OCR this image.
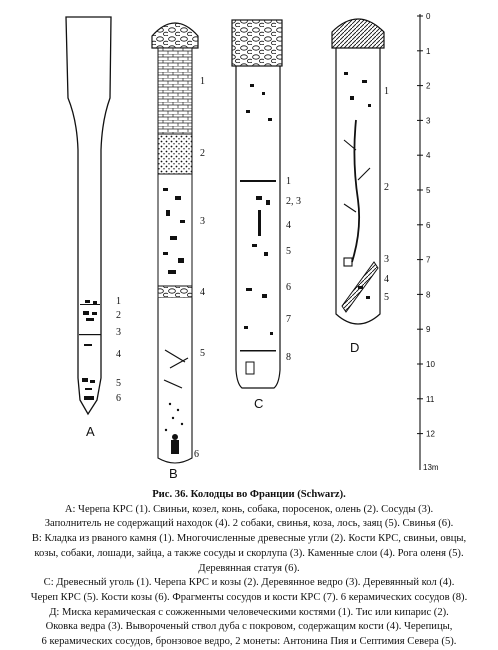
1
2
3
4
5
6
A
1
2
3
4
5
6
B
1
2, 3
4
5
6
7
8
C
1
2
3
4
5
D
0
1
2
3
4
5
6
7
8
9
10
11
12
13m

Рис. 36. Колодцы во Франции (Schwarz).

А: Черепа КРС (1). Свиньи, козел, конь, собака, поросенок, олень (2). Сосуды (3).

Заполнитель не содержащий находок (4). 2 собаки, свинья, коза, лось, заяц (5). Свинья (6).

В: Кладка из рваного камня (1). Многочисленные древесные угли (2). Кости КРС, свиньи, овцы,

козы, собаки, лошади, зайца, а также сосуды и скорлупа (3). Каменные слои (4). Рога оленя (5).

Деревянная статуя (6).

С: Древесный уголь (1). Черепа КРС и козы (2). Деревянное ведро (3). Деревянный кол (4).

Череп КРС (5). Кости козы (6). Фрагменты сосудов и кости КРС (7). 6 керамических сосудов (8).

Д: Миска керамическая с сожженными человеческими костями (1). Тис или кипарис (2).

Оковка ведра (3). Вывороченый ствол дуба с покровом, содержащим кости (4). Черепицы,

6 керамических сосудов, бронзовое ведро, 2 монеты: Антонина Пия и Септимия Севера (5).
